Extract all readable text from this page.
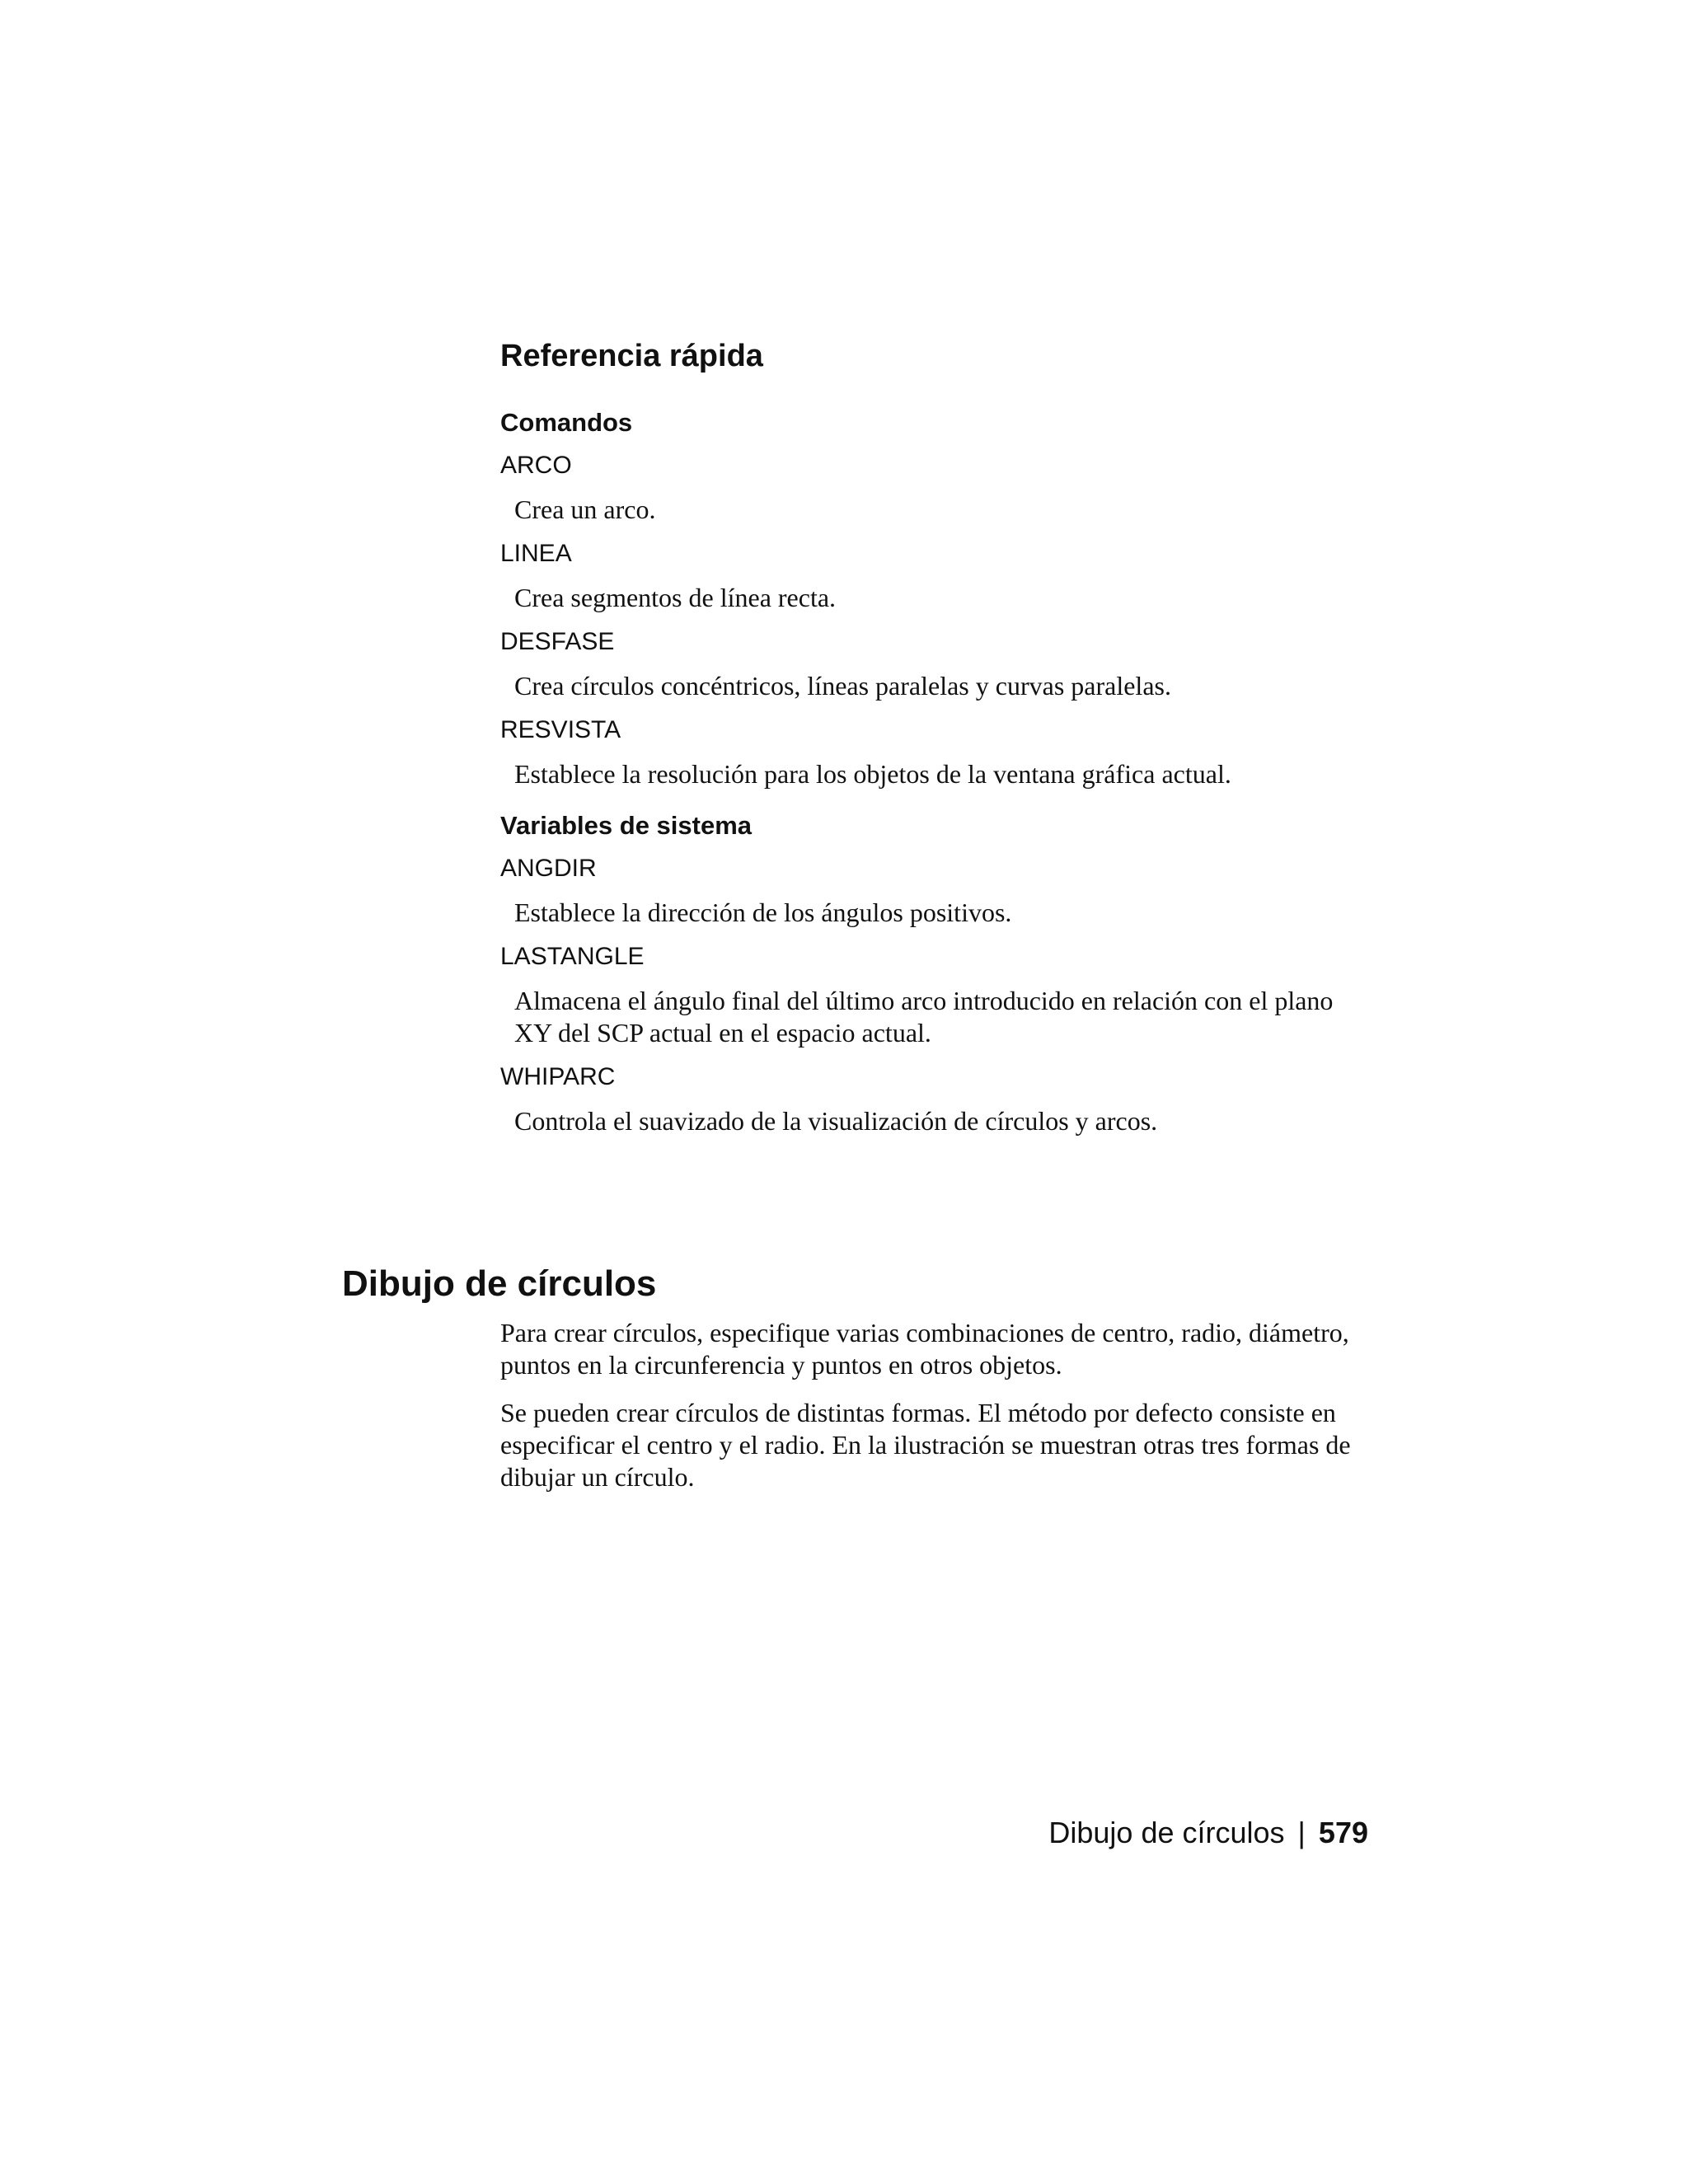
Referencia rápida
Comandos
ARCO
Crea un arco.
LINEA
Crea segmentos de línea recta.
DESFASE
Crea círculos concéntricos, líneas paralelas y curvas paralelas.
RESVISTA
Establece la resolución para los objetos de la ventana gráfica actual.
Variables de sistema
ANGDIR
Establece la dirección de los ángulos positivos.
LASTANGLE
Almacena el ángulo final del último arco introducido en relación con el plano XY del SCP actual en el espacio actual.
WHIPARC
Controla el suavizado de la visualización de círculos y arcos.
Dibujo de círculos

Para crear círculos, especifique varias combinaciones de centro, radio, diámetro, puntos en la circunferencia y puntos en otros objetos.

Se pueden crear círculos de distintas formas. El método por defecto consiste en especificar el centro y el radio. En la ilustración se muestran otras tres formas de dibujar un círculo.

Dibujo de círculos | 579
